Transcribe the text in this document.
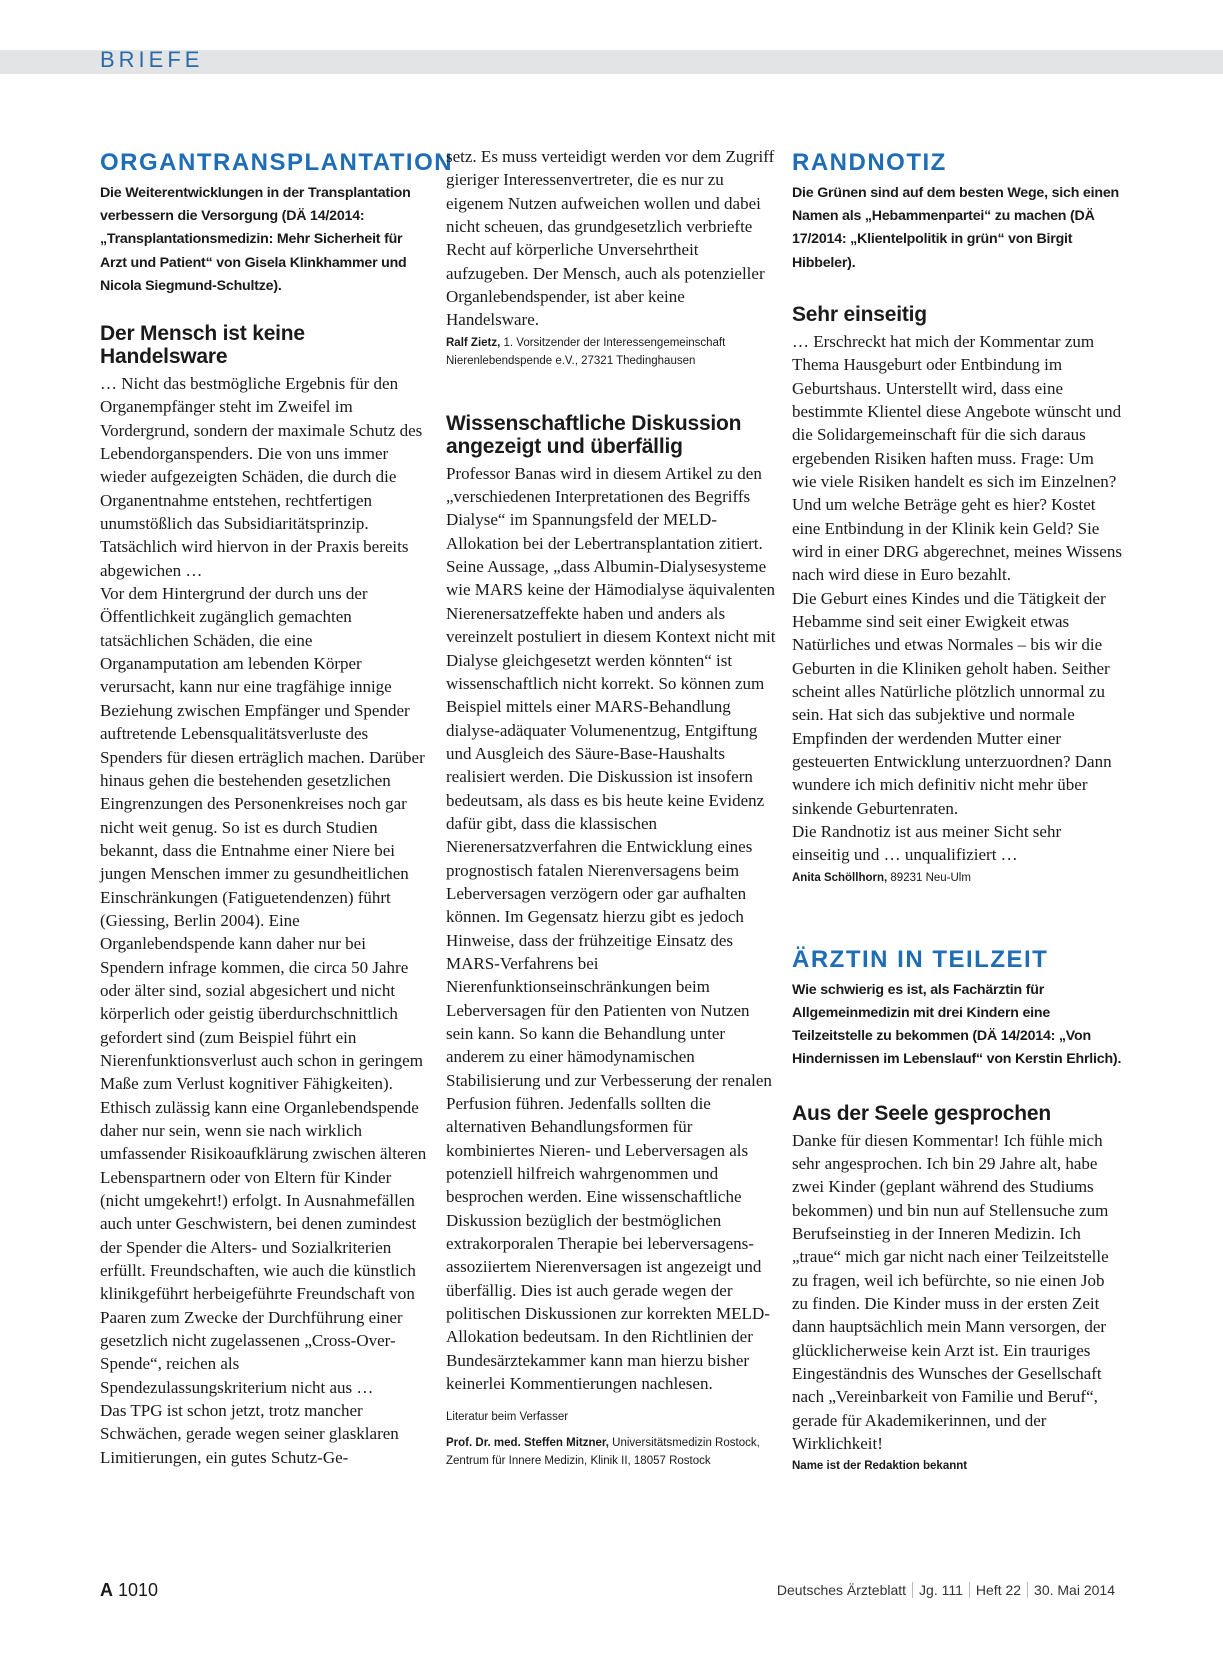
BRIEFE
ORGANTRANSPLANTATION

Die Weiterentwicklungen in der Transplantation verbessern die Versorgung (DÄ 14/2014: „Transplantationsmedizin: Mehr Sicherheit für Arzt und Patient“ von Gisela Klinkhammer und Nicola Siegmund-Schultze).

Der Mensch ist keine Handelsware

… Nicht das bestmögliche Ergebnis für den Organempfänger steht im Zweifel im Vordergrund, sondern der maximale Schutz des Lebendorganspenders. Die von uns immer wieder aufgezeigten Schäden, die durch die Organentnahme entstehen, rechtfertigen unumstößlich das Subsidiaritätsprinzip. Tatsächlich wird hiervon in der Praxis bereits abgewichen …

Vor dem Hintergrund der durch uns der Öffentlichkeit zugänglich gemachten tatsächlichen Schäden, die eine Organamputation am lebenden Körper verursacht, kann nur eine tragfähige innige Beziehung zwischen Empfänger und Spender auftretende Lebensqualitätsverluste des Spenders für diesen erträglich machen. Darüber hinaus gehen die bestehenden gesetzlichen Eingrenzungen des Personenkreises noch gar nicht weit genug. So ist es durch Studien bekannt, dass die Entnahme einer Niere bei jungen Menschen immer zu gesundheitlichen Einschränkungen (Fatiguetendenzen) führt (Giessing, Berlin 2004). Eine Organlebendspende kann daher nur bei Spendern infrage kommen, die circa 50 Jahre oder älter sind, sozial abgesichert und nicht körperlich oder geistig überdurchschnittlich gefordert sind (zum Beispiel führt ein Nierenfunktionsverlust auch schon in geringem Maße zum Verlust kognitiver Fähigkeiten). Ethisch zulässig kann eine Organlebendspende daher nur sein, wenn sie nach wirklich umfassender Risikoaufklärung zwischen älteren Lebenspartnern oder von Eltern für Kinder (nicht umgekehrt!) erfolgt. In Ausnahmefällen auch unter Geschwistern, bei denen zumindest der Spender die Alters- und Sozialkriterien erfüllt. Freundschaften, wie auch die künstlich klinikgeführt herbeigeführte Freundschaft von Paaren zum Zwecke der Durchführung einer gesetzlich nicht zugelassenen „Cross-Over-Spende“, reichen als Spendezulassungskriterium nicht aus …

Das TPG ist schon jetzt, trotz mancher Schwächen, gerade wegen seiner glasklaren Limitierungen, ein gutes Schutz-Ge-

setz. Es muss verteidigt werden vor dem Zugriff gieriger Interessenvertreter, die es nur zu eigenem Nutzen aufweichen wollen und dabei nicht scheuen, das grundgesetzlich verbriefte Recht auf körperliche Unversehrtheit aufzugeben. Der Mensch, auch als potenzieller Organlebendspender, ist aber keine Handelsware.

Ralf Zietz, 1. Vorsitzender der Interessengemeinschaft Nierenlebendspende e.V., 27321 Thedinghausen
Wissenschaftliche Diskussion angezeigt und überfällig

Professor Banas wird in diesem Artikel zu den „verschiedenen Interpretationen des Begriffs Dialyse“ im Spannungsfeld der MELD-Allokation bei der Lebertransplantation zitiert. Seine Aussage, „dass Albumin-Dialysesysteme wie MARS keine der Hämodialyse äquivalenten Nierenersatzeffekte haben und anders als vereinzelt postuliert in diesem Kontext nicht mit Dialyse gleichgesetzt werden könnten“ ist wissenschaftlich nicht korrekt. So können zum Beispiel mittels einer MARS-Behandlung dialyse-adäquater Volumenentzug, Entgiftung und Ausgleich des Säure-Base-Haushalts realisiert werden. Die Diskussion ist insofern bedeutsam, als dass es bis heute keine Evidenz dafür gibt, dass die klassischen Nierenersatzverfahren die Entwicklung eines prognostisch fatalen Nierenversagens beim Leberversagen verzögern oder gar aufhalten können. Im Gegensatz hierzu gibt es jedoch Hinweise, dass der frühzeitige Einsatz des MARS-Verfahrens bei Nierenfunktionseinschränkungen beim Leberversagen für den Patienten von Nutzen sein kann. So kann die Behandlung unter anderem zu einer hämodynamischen Stabilisierung und zur Verbesserung der renalen Perfusion führen. Jedenfalls sollten die alternativen Behandlungsformen für kombiniertes Nieren- und Leberversagen als potenziell hilfreich wahrgenommen und besprochen werden. Eine wissenschaftliche Diskussion bezüglich der bestmöglichen extrakorporalen Therapie bei leberversagens-assoziiertem Nierenversagen ist angezeigt und überfällig. Dies ist auch gerade wegen der politischen Diskussionen zur korrekten MELD-Allokation bedeutsam. In den Richtlinien der Bundesärztekammer kann man hierzu bisher keinerlei Kommentierungen nachlesen.

Literatur beim Verfasser
Prof. Dr. med. Steffen Mitzner, Universitätsmedizin Rostock, Zentrum für Innere Medizin, Klinik II, 18057 Rostock
RANDNOTIZ

Die Grünen sind auf dem besten Wege, sich einen Namen als „Hebammenpartei“ zu machen (DÄ 17/2014: „Klientelpolitik in grün“ von Birgit Hibbeler).

Sehr einseitig

… Erschreckt hat mich der Kommentar zum Thema Hausgeburt oder Entbindung im Geburtshaus. Unterstellt wird, dass eine bestimmte Klientel diese Angebote wünscht und die Solidargemeinschaft für die sich daraus ergebenden Risiken haften muss. Frage: Um wie viele Risiken handelt es sich im Einzelnen? Und um welche Beträge geht es hier? Kostet eine Entbindung in der Klinik kein Geld? Sie wird in einer DRG abgerechnet, meines Wissens nach wird diese in Euro bezahlt.

Die Geburt eines Kindes und die Tätigkeit der Hebamme sind seit einer Ewigkeit etwas Natürliches und etwas Normales – bis wir die Geburten in die Kliniken geholt haben. Seither scheint alles Natürliche plötzlich unnormal zu sein. Hat sich das subjektive und normale Empfinden der werdenden Mutter einer gesteuerten Entwicklung unterzuordnen? Dann wundere ich mich definitiv nicht mehr über sinkende Geburtenraten.

Die Randnotiz ist aus meiner Sicht sehr einseitig und … unqualifiziert …

Anita Schöllhorn, 89231 Neu-Ulm
ÄRZTIN IN TEILZEIT

Wie schwierig es ist, als Fachärztin für Allgemeinmedizin mit drei Kindern eine Teilzeitstelle zu bekommen (DÄ 14/2014: „Von Hindernissen im Lebenslauf“ von Kerstin Ehrlich).

Aus der Seele gesprochen

Danke für diesen Kommentar! Ich fühle mich sehr angesprochen. Ich bin 29 Jahre alt, habe zwei Kinder (geplant während des Studiums bekommen) und bin nun auf Stellensuche zum Berufseinstieg in der Inneren Medizin. Ich „traue“ mich gar nicht nach einer Teilzeitstelle zu fragen, weil ich befürchte, so nie einen Job zu finden. Die Kinder muss in der ersten Zeit dann hauptsächlich mein Mann versorgen, der glücklicherweise kein Arzt ist. Ein trauriges Eingeständnis des Wunsches der Gesellschaft nach „Vereinbarkeit von Familie und Beruf“, gerade für Akademikerinnen, und der Wirklichkeit!

Name ist der Redaktion bekannt
A 1010	Deutsches Ärzteblatt Jg. 111 Heft 22 30. Mai 2014
